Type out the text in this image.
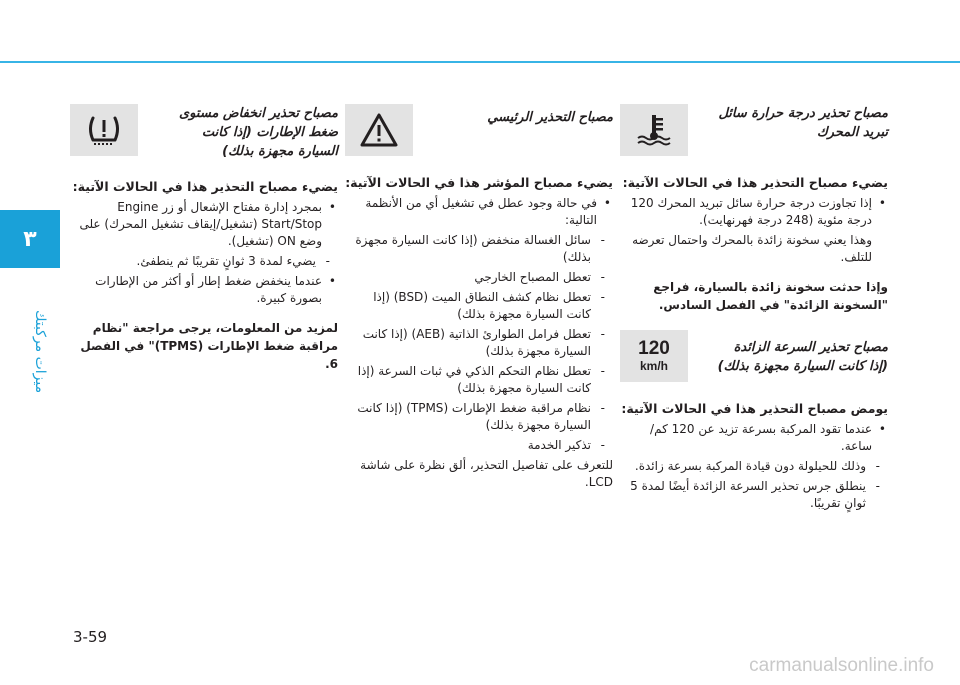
٣
ميزات مركبتك
مصباح تحذير درجة حرارة سائل
تبريد المحرك
يضيء مصباح التحذير هذا في الحالات الآتية:
• إذا تجاوزت درجة حرارة سائل تبريد المحرك 120 درجة مئوية (248 درجة فهرنهايت).
وهذا يعني سخونة زائدة بالمحرك واحتمال تعرضه للتلف.
وإذا حدثت سخونة زائدة بالسيارة، فراجع "السخونة الزائدة" في الفصل السادس.
120
km/h
مصباح تحذير السرعة الزائدة
(إذا كانت السيارة مجهزة بذلك)
يومض مصباح التحذير هذا في الحالات الآتية:
• عندما تقود المركبة بسرعة تزيد عن 120 كم/ ساعة.
- وذلك للحيلولة دون قيادة المركبة بسرعة زائدة.
- ينطلق جرس تحذير السرعة الزائدة أيضًا لمدة 5 ثوانٍ تقريبًا.
مصباح التحذير الرئيسي
يضيء مصباح المؤشر هذا في الحالات الآتية:
• في حالة وجود عطل في تشغيل أي من الأنظمة التالية:
- سائل الغسالة منخفض (إذا كانت السيارة مجهزة بذلك)
- تعطل المصباح الخارجي
- تعطل نظام كشف النطاق الميت (BSD) (إذا كانت السيارة مجهزة بذلك)
- تعطل فرامل الطوارئ الذاتية (AEB) (إذا كانت السيارة مجهزة بذلك)
- تعطل نظام التحكم الذكي في ثبات السرعة (إذا كانت السيارة مجهزة بذلك)
- نظام مراقبة ضغط الإطارات (TPMS) (إذا كانت السيارة مجهزة بذلك)
- تذكير الخدمة
للتعرف على تفاصيل التحذير، ألق نظرة على شاشة LCD.
مصباح تحذير انخفاض مستوى
ضغط الإطارات (إذا كانت
السيارة مجهزة بذلك)
يضيء مصباح التحذير هذا في الحالات الآتية:
• بمجرد إدارة مفتاح الإشعال أو زر Engine Start/Stop (تشغيل/إيقاف تشغيل المحرك) على وضع ON (تشغيل).
- يضيء لمدة 3 ثوانٍ تقريبًا ثم ينطفئ.
• عندما ينخفض ضغط إطار أو أكثر من الإطارات بصورة كبيرة.
لمزيد من المعلومات، يرجى مراجعة "نظام مراقبة ضغط الإطارات (TPMS)" في الفصل 6.
3-59
carmanualsonline.info
